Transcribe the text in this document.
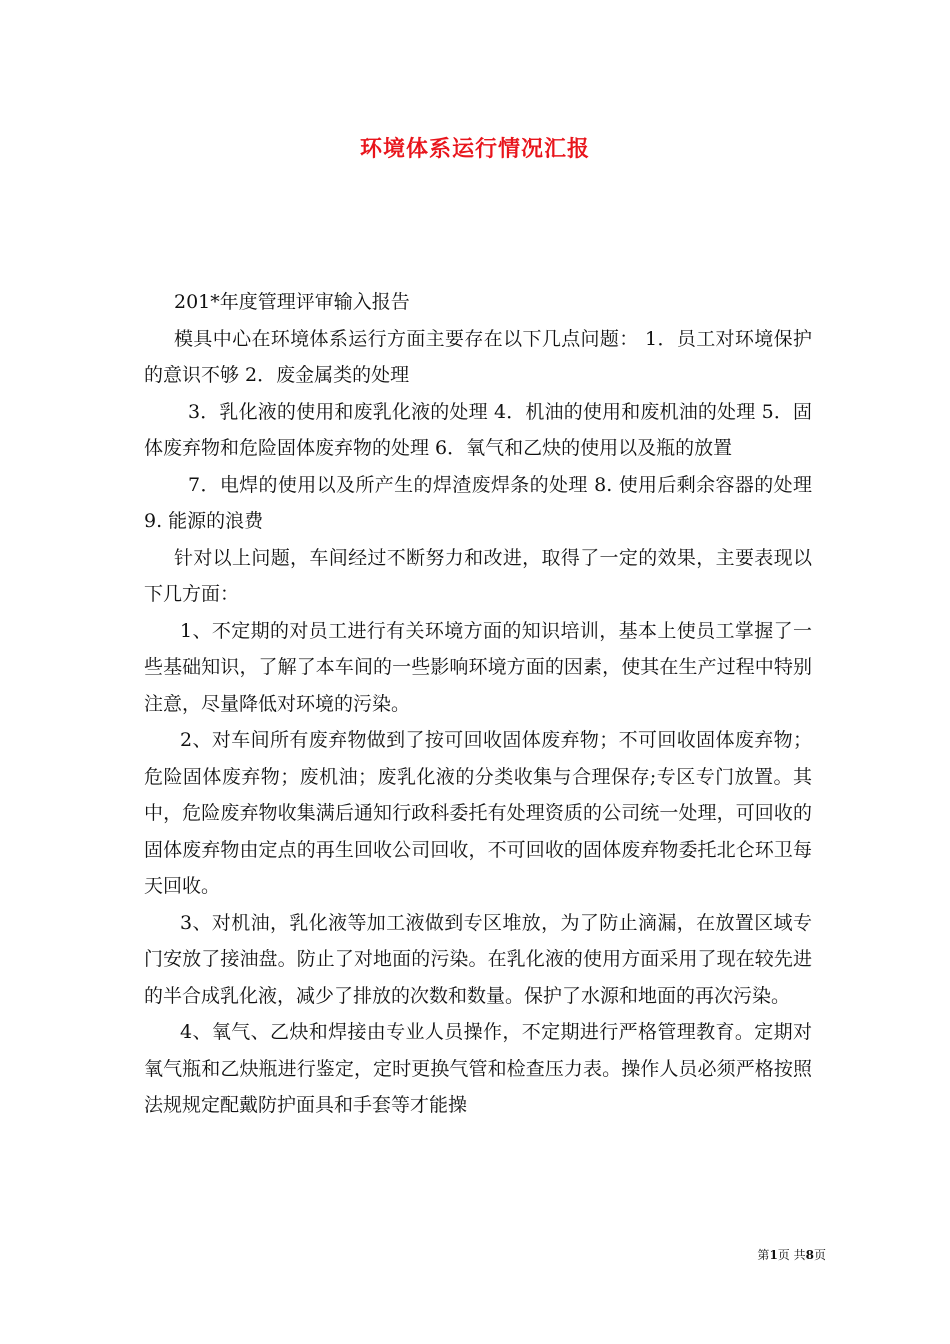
环境体系运行情况汇报

201*年度管理评审输入报告

模具中心在环境体系运行方面主要存在以下几点问题： 1．员工对环境保护的意识不够 2．废金属类的处理

3．乳化液的使用和废乳化液的处理 4．机油的使用和废机油的处理 5．固体废弃物和危险固体废弃物的处理 6．氧气和乙炔的使用以及瓶的放置

7．电焊的使用以及所产生的焊渣废焊条的处理 8. 使用后剩余容器的处理 9. 能源的浪费

针对以上问题，车间经过不断努力和改进，取得了一定的效果，主要表现以下几方面：

1、不定期的对员工进行有关环境方面的知识培训，基本上使员工掌握了一些基础知识，了解了本车间的一些影响环境方面的因素，使其在生产过程中特别注意，尽量降低对环境的污染。

2、对车间所有废弃物做到了按可回收固体废弃物；不可回收固体废弃物；危险固体废弃物；废机油；废乳化液的分类收集与合理保存;专区专门放置。其中，危险废弃物收集满后通知行政科委托有处理资质的公司统一处理，可回收的固体废弃物由定点的再生回收公司回收，不可回收的固体废弃物委托北仑环卫每天回收。

3、对机油，乳化液等加工液做到专区堆放，为了防止滴漏，在放置区域专门安放了接油盘。防止了对地面的污染。在乳化液的使用方面采用了现在较先进的半合成乳化液，减少了排放的次数和数量。保护了水源和地面的再次污染。

4、氧气、乙炔和焊接由专业人员操作，不定期进行严格管理教育。定期对氧气瓶和乙炔瓶进行鉴定，定时更换气管和检查压力表。操作人员必须严格按照法规规定配戴防护面具和手套等才能操

第1页 共8页
